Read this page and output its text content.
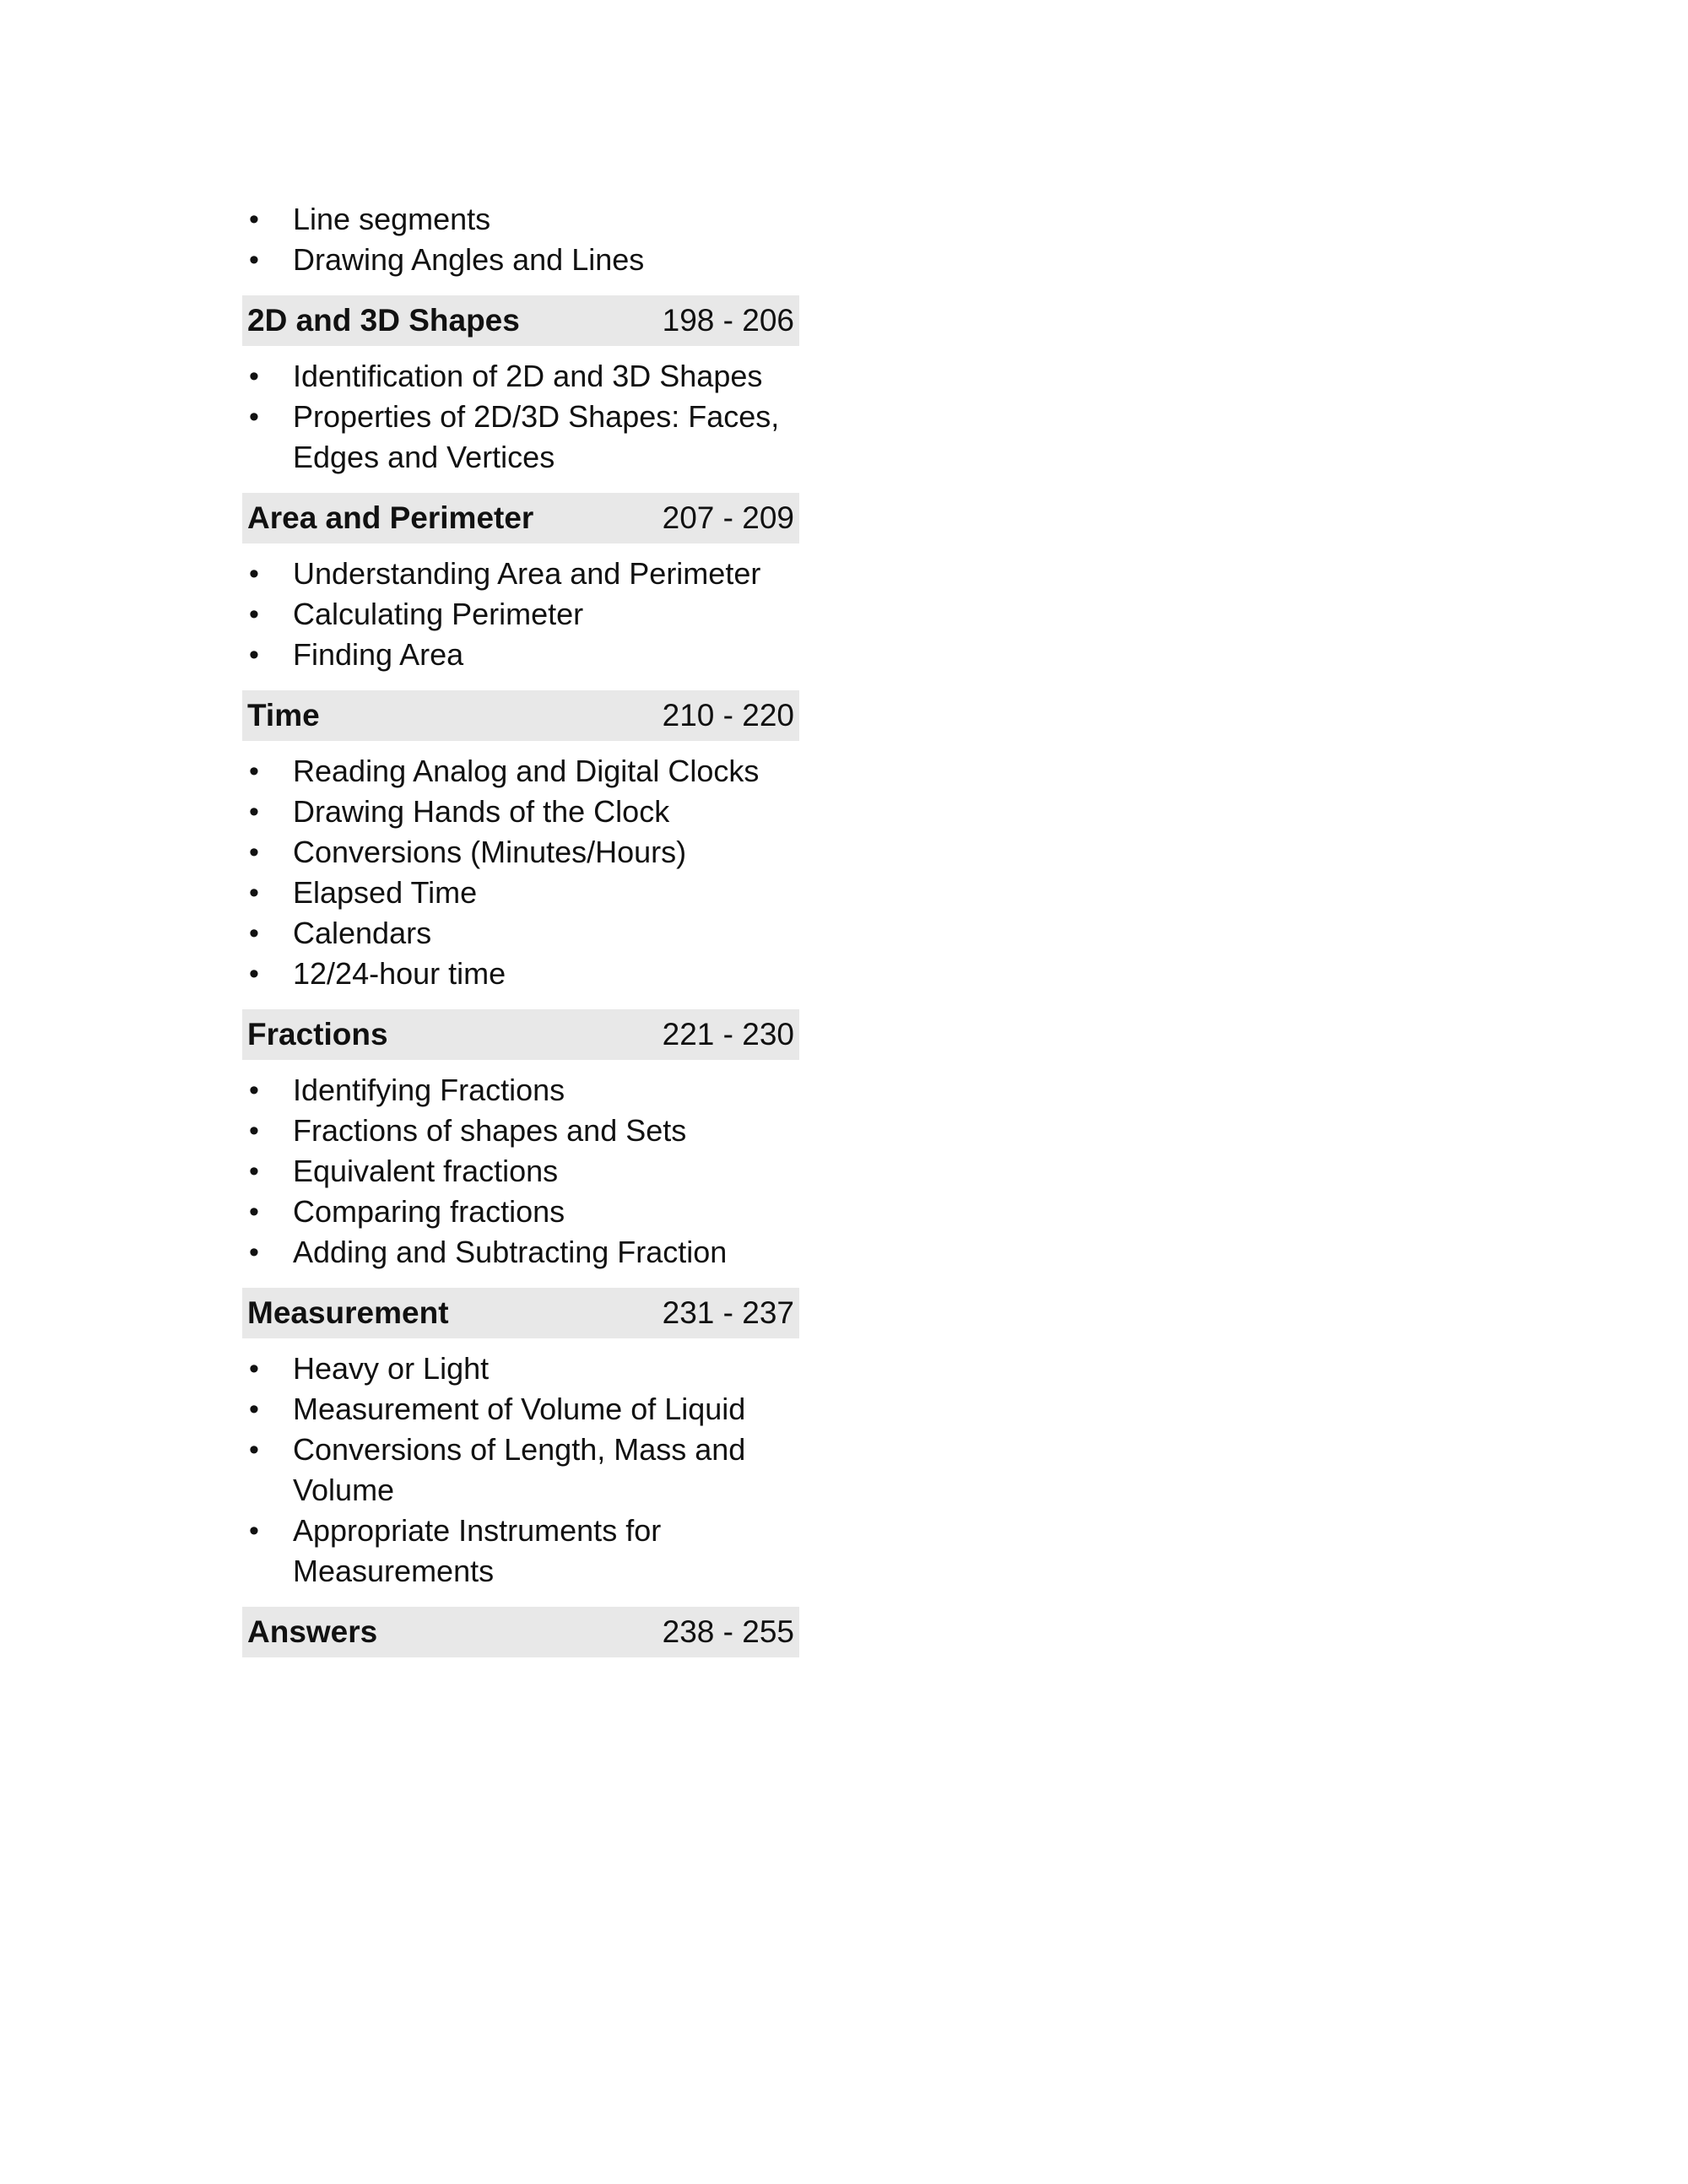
• Line segments
• Drawing Angles and Lines
2D and 3D Shapes	198 - 206
• Identification of 2D and 3D Shapes
• Properties of 2D/3D Shapes: Faces, Edges and Vertices
Area and Perimeter	207 - 209
• Understanding Area and Perimeter
• Calculating Perimeter
• Finding Area
Time	210 - 220
• Reading Analog and Digital Clocks
• Drawing Hands of the Clock
• Conversions (Minutes/Hours)
• Elapsed Time
• Calendars
• 12/24-hour time
Fractions	221 - 230
• Identifying Fractions
• Fractions of shapes and Sets
• Equivalent fractions
• Comparing fractions
• Adding and Subtracting Fraction
Measurement	231 - 237
• Heavy or Light
• Measurement of Volume of Liquid
• Conversions of Length, Mass and Volume
• Appropriate Instruments for Measurements
Answers	238 - 255
